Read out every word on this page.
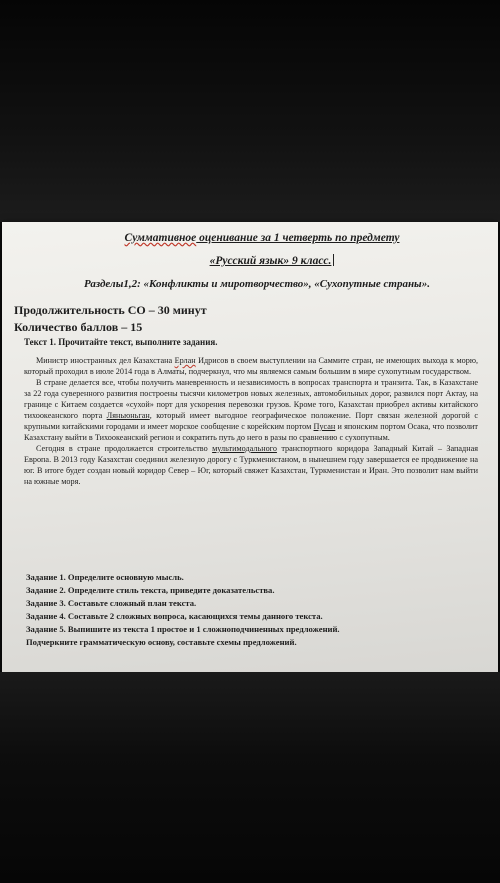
Суммативное оценивание за 1 четверть по предмету
«Русский язык» 9 класс.
Разделы1,2: «Конфликты и миротворчество», «Сухопутные страны».
Продолжительность СО – 30 минут
Количество баллов – 15
Текст 1. Прочитайте текст, выполните задания.

Министр иностранных дел Казахстана Ерлан Идрисов в своем выступлении на Саммите стран, не имеющих выхода к морю, который проходил в июле 2014 года в Алматы, подчеркнул, что мы являемся самым большим в мире сухопутным государством.

В стране делается все, чтобы получить маневренность и независимость в вопросах транспорта и транзита. Так, в Казахстане за 22 года суверенного развития построены тысячи километров новых железных, автомобильных дорог, развился порт Актау, на границе с Китаем создается «сухой» порт для ускорения перевозки грузов. Кроме того, Казахстан приобрел активы китайского тихоокеанского порта Ляньюньган, который имеет выгодное географическое положение. Порт связан железной дорогой с крупными китайскими городами и имеет морское сообщение с корейским портом Пусан и японским портом Осака, что позволит Казахстану выйти в Тихоокеанский регион и сократить путь до него в разы по сравнению с сухопутным.

Сегодня в стране продолжается строительство мультимодального транспортного коридора Западный Китай – Западная Европа. В 2013 году Казахстан соединил железную дорогу с Туркменистаном, в нынешнем году завершается ее продвижение на юг. В итоге будет создан новый коридор Север – Юг, который свяжет Казахстан, Туркменистан и Иран. Это позволит нам выйти на южные моря.

Задание 1. Определите основную мысль.
Задание 2. Определите стиль текста, приведите доказательства.
Задание 3. Составьте сложный план текста.
Задание 4. Составьте 2 сложных вопроса, касающихся темы данного текста.
Задание 5. Выпишите из текста 1 простое и 1 сложноподчиненных предложений.
Подчеркните грамматическую основу, составьте схемы предложений.
